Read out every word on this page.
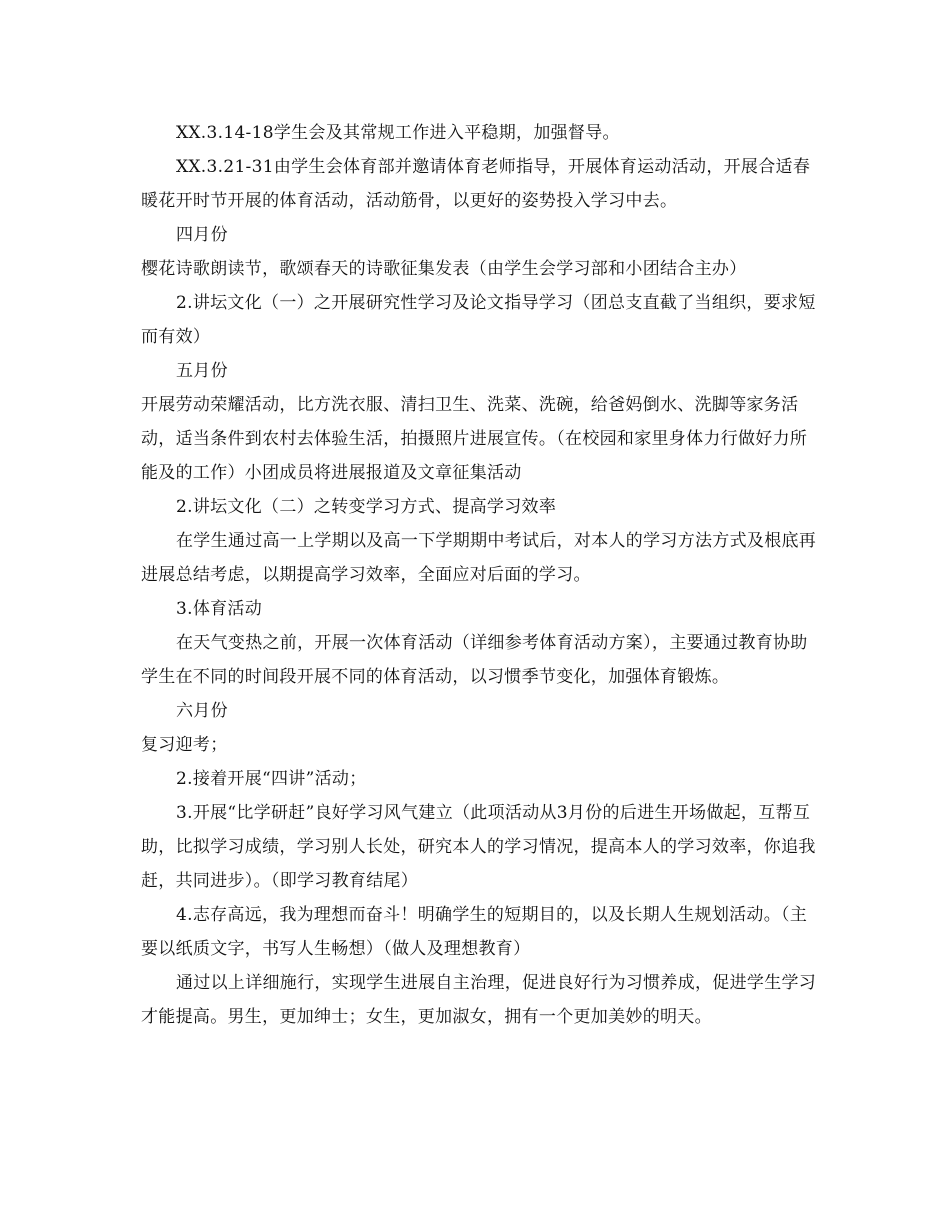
XX.3.14-18学生会及其常规工作进入平稳期，加强督导。

XX.3.21-31由学生会体育部并邀请体育老师指导，开展体育运动活动，开展合适春暖花开时节开展的体育活动，活动筋骨，以更好的姿势投入学习中去。

四月份

樱花诗歌朗读节，歌颂春天的诗歌征集发表（由学生会学习部和小团结合主办）

2.讲坛文化（一）之开展研究性学习及论文指导学习（团总支直截了当组织，要求短而有效）

五月份

开展劳动荣耀活动，比方洗衣服、清扫卫生、洗菜、洗碗，给爸妈倒水、洗脚等家务活动，适当条件到农村去体验生活，拍摄照片进展宣传。（在校园和家里身体力行做好力所能及的工作）小团成员将进展报道及文章征集活动

2.讲坛文化（二）之转变学习方式、提高学习效率

在学生通过高一上学期以及高一下学期期中考试后，对本人的学习方法方式及根底再进展总结考虑，以期提高学习效率，全面应对后面的学习。

3.体育活动

在天气变热之前，开展一次体育活动（详细参考体育活动方案），主要通过教育协助学生在不同的时间段开展不同的体育活动，以习惯季节变化，加强体育锻炼。

六月份

复习迎考；

2.接着开展“四讲”活动；

3.开展“比学研赶”良好学习风气建立（此项活动从3月份的后进生开场做起，互帮互助，比拟学习成绩，学习别人长处，研究本人的学习情况，提高本人的学习效率，你追我赶，共同进步）。（即学习教育结尾）

4.志存高远，我为理想而奋斗！明确学生的短期目的，以及长期人生规划活动。（主要以纸质文字，书写人生畅想）（做人及理想教育）

通过以上详细施行，实现学生进展自主治理，促进良好行为习惯养成，促进学生学习才能提高。男生，更加绅士；女生，更加淑女，拥有一个更加美妙的明天。
